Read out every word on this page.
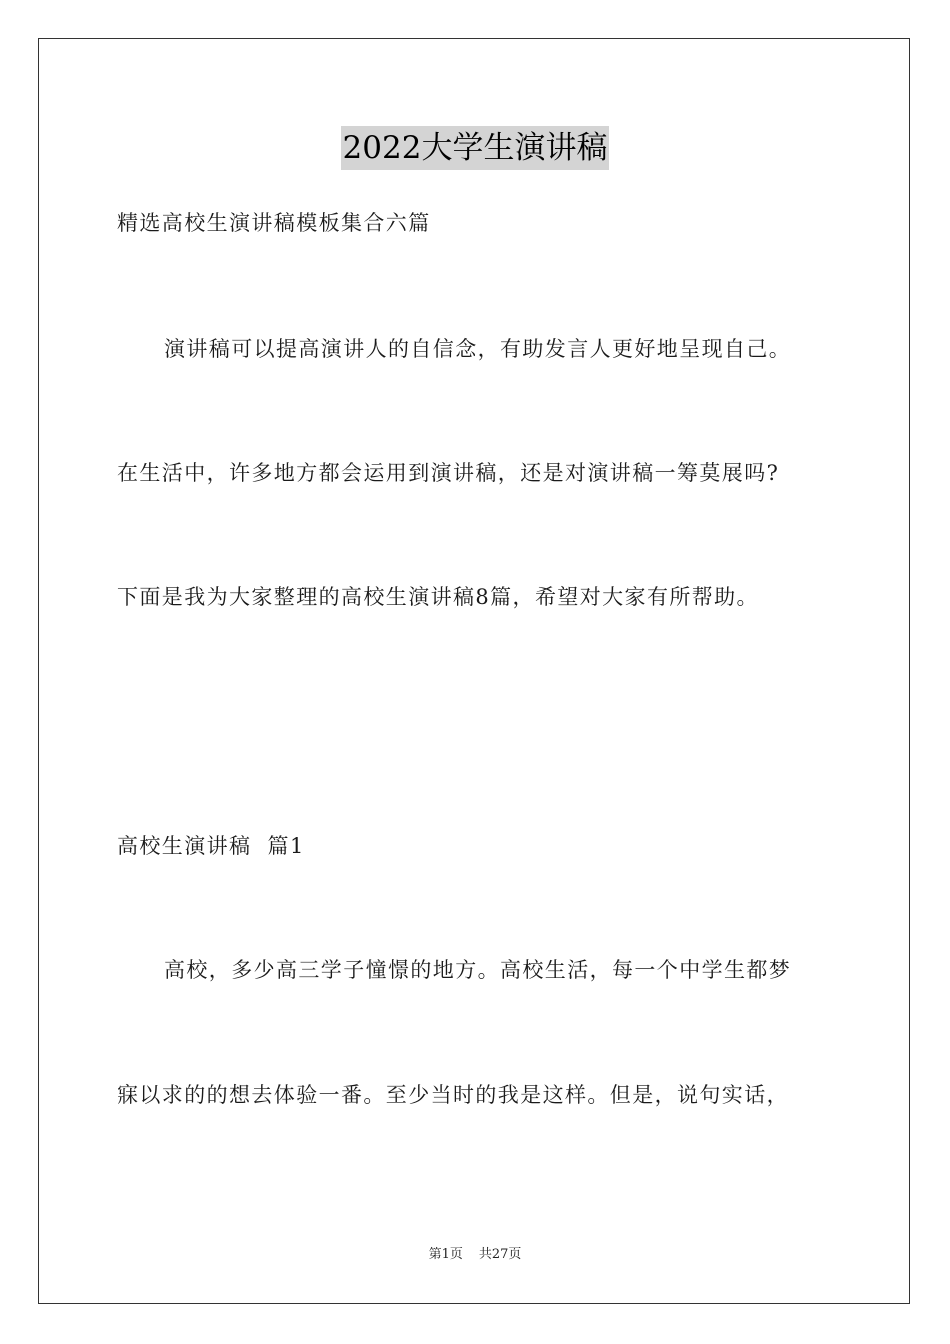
2022大学生演讲稿
精选高校生演讲稿模板集合六篇
演讲稿可以提高演讲人的自信念，有助发言人更好地呈现自己。
在生活中，许多地方都会运用到演讲稿，还是对演讲稿一筹莫展吗?
下面是我为大家整理的高校生演讲稿8篇，希望对大家有所帮助。
高校生演讲稿  篇1
高校，多少高三学子憧憬的地方。高校生活，每一个中学生都梦
寐以求的的想去体验一番。至少当时的我是这样。但是，说句实话，
第1页 共27页
